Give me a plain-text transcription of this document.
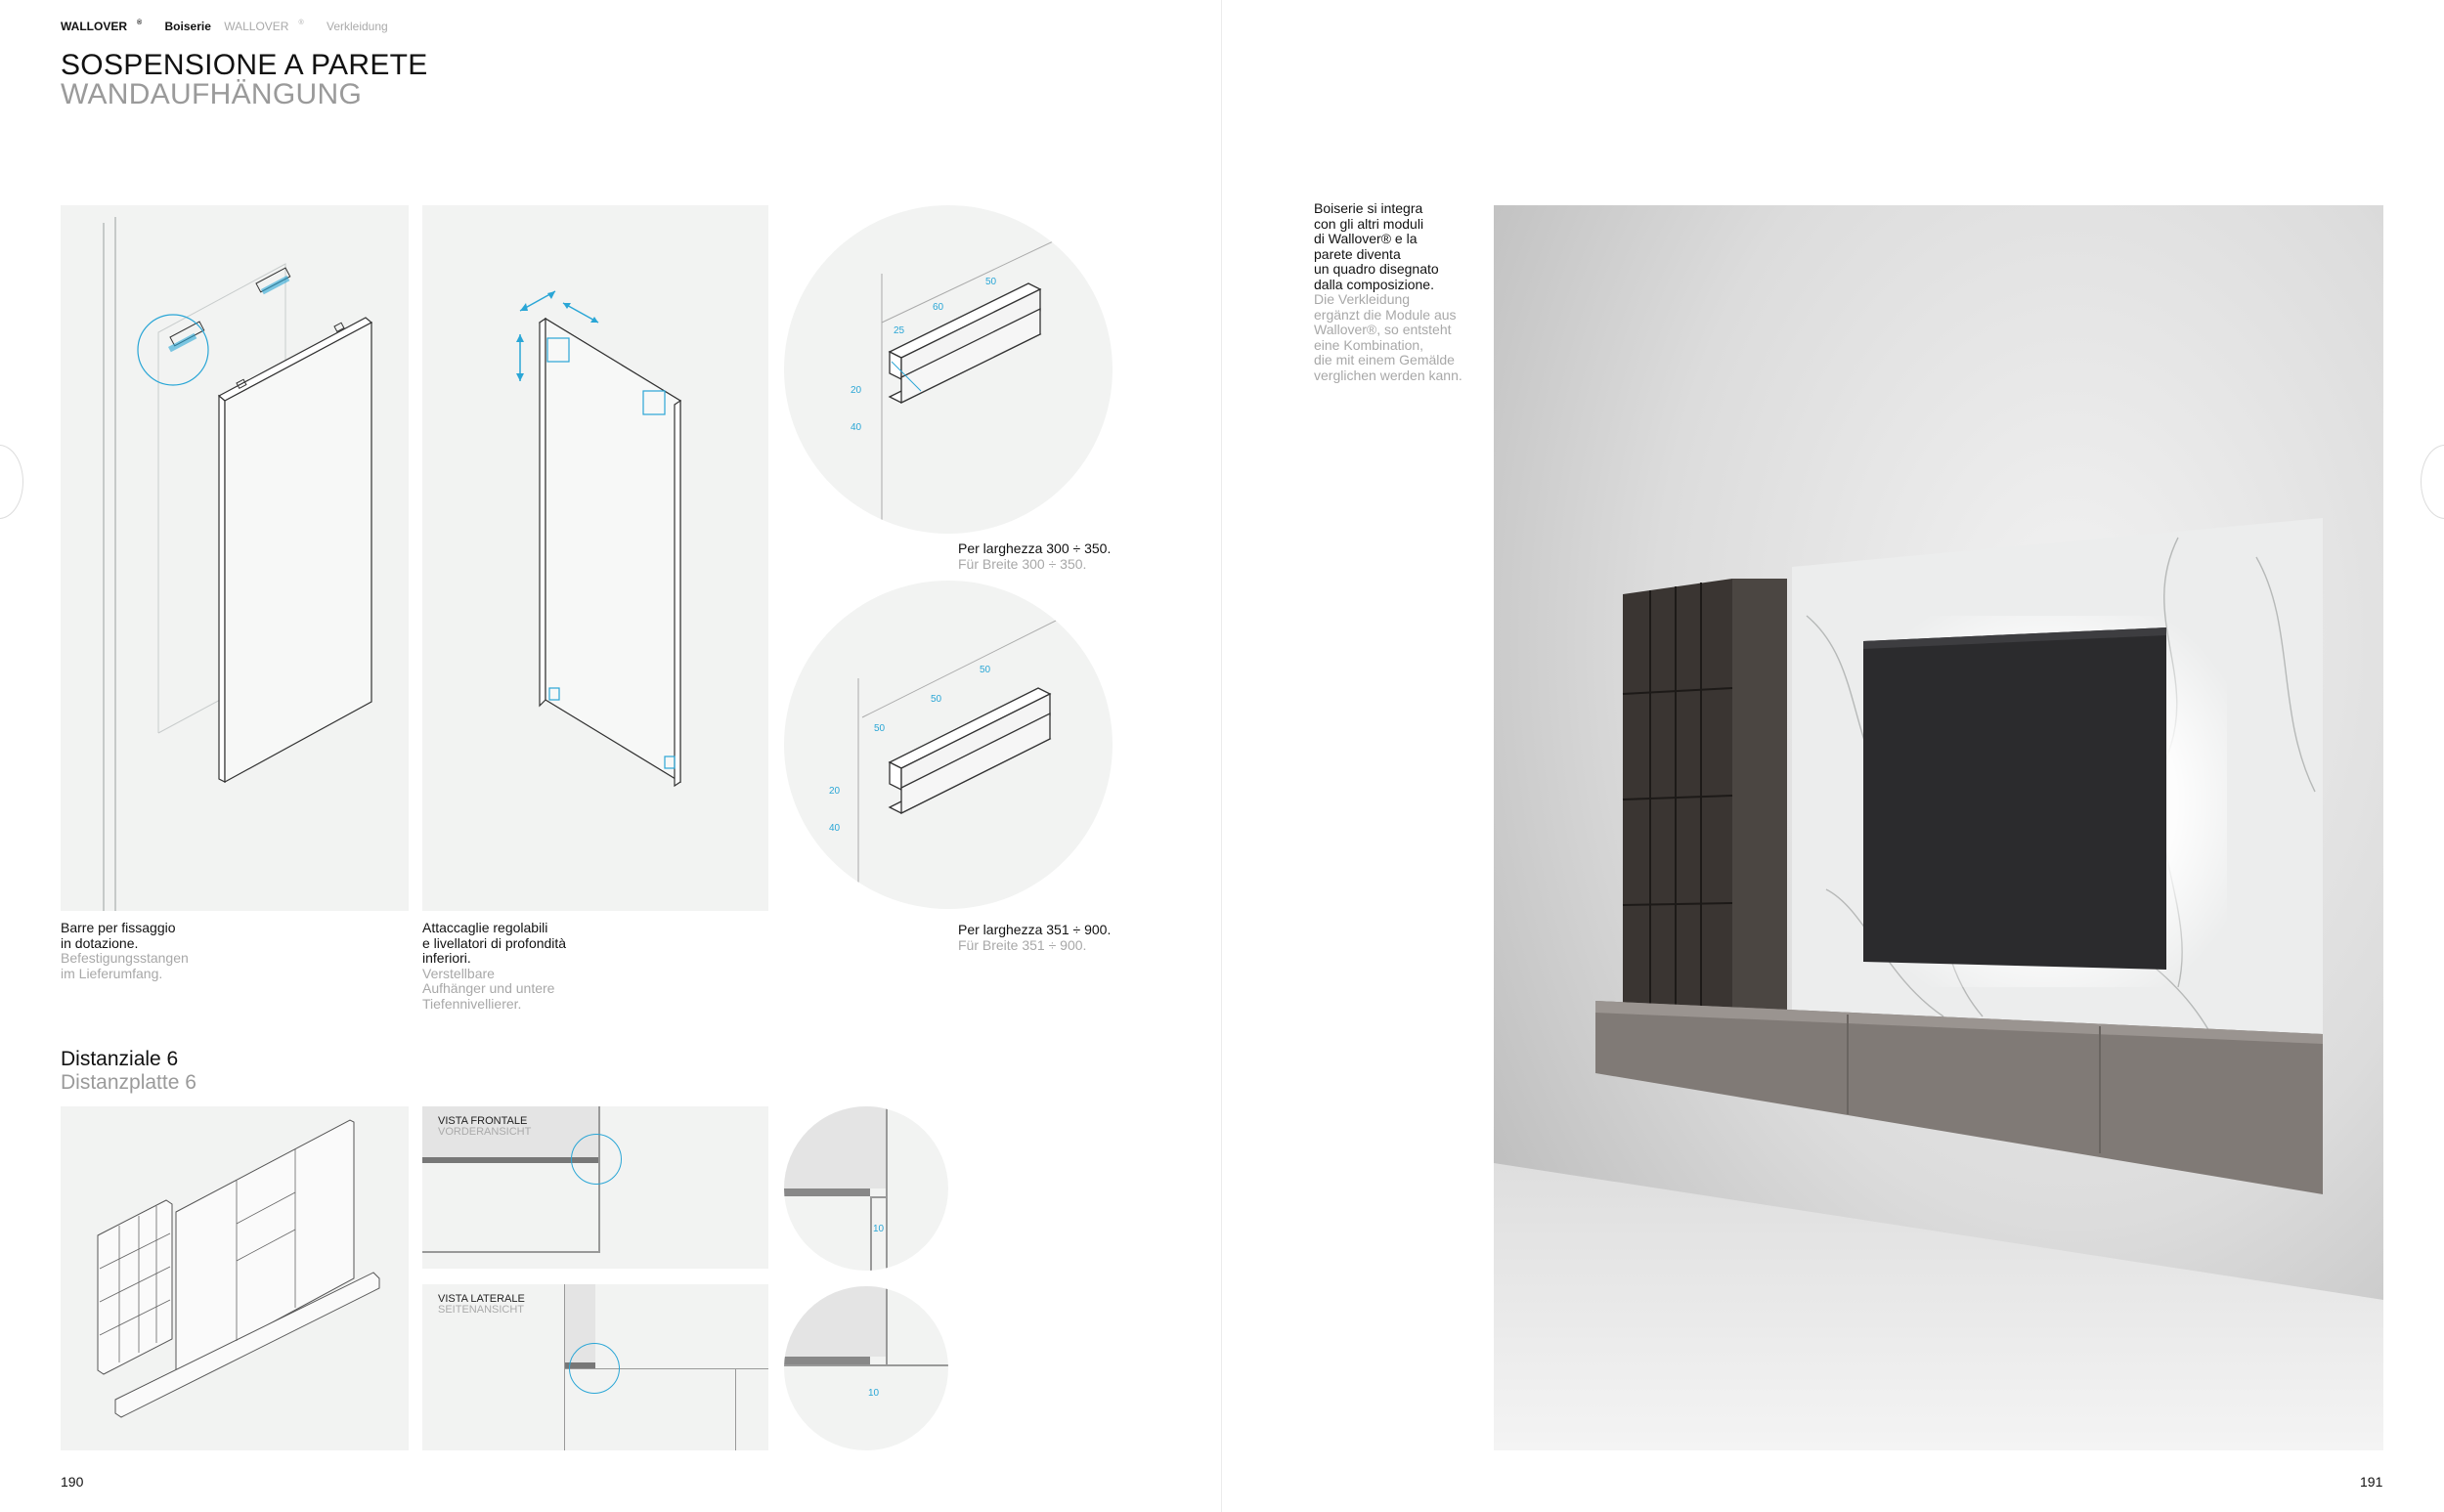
WALLOVER ® Boiserie WALLOVER ® Verkleidung
SOSPENSIONE A PARETE
WANDAUFHÄNGUNG
25
60
50
20
40
Per larghezza 300 ÷ 350.
Für Breite 300 ÷ 350.
50
50
50
20
40
Per larghezza 351 ÷ 900.
Für Breite 351 ÷ 900.
Barre per fissaggio
in dotazione.
Befestigungsstangen
im Lieferumfang.
Attaccaglie regolabili
e livellatori di profondità
inferiori.
Verstellbare
Aufhänger und untere
Tiefennivellierer.
Distanziale 6
Distanzplatte 6
VISTA FRONTALE
VORDERANSICHT
VISTA LATERALE
SEITENANSICHT
10
10
190	191
Boiserie si integra
con gli altri moduli
di Wallover® e la
parete diventa
un quadro disegnato
dalla composizione.
Die Verkleidung
ergänzt die Module aus
Wallover®, so entsteht
eine Kombination,
die mit einem Gemälde
verglichen werden kann.
